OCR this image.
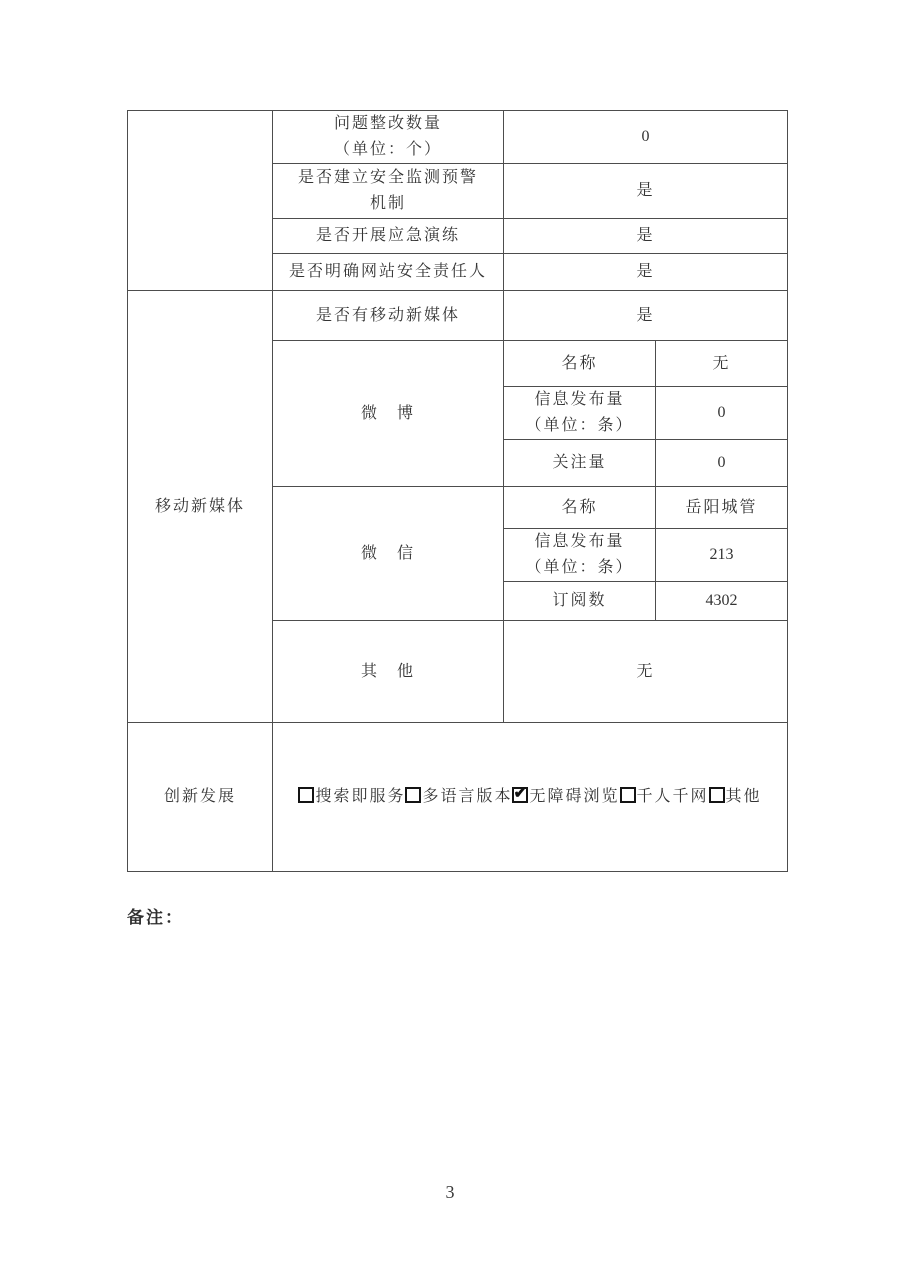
	问题整改数量
（单位：个）	0	

	是否建立安全监测预警
机制	是	

	是否开展应急演练	是	

	是否明确网站安全责任人	是	
移动新媒体	是否有移动新媒体	是	
	微　博	名称	无

		信息发布量
（单位：条）	0
		关注量	0
	微　信	名称	岳阳城管

		信息发布量
（单位：条）	213
		订阅数	4302
	其　他	无	
创新发展	搜索即服务 多语言版本 ✔ 无障碍浏览 千人千网 其他
备注：
3
